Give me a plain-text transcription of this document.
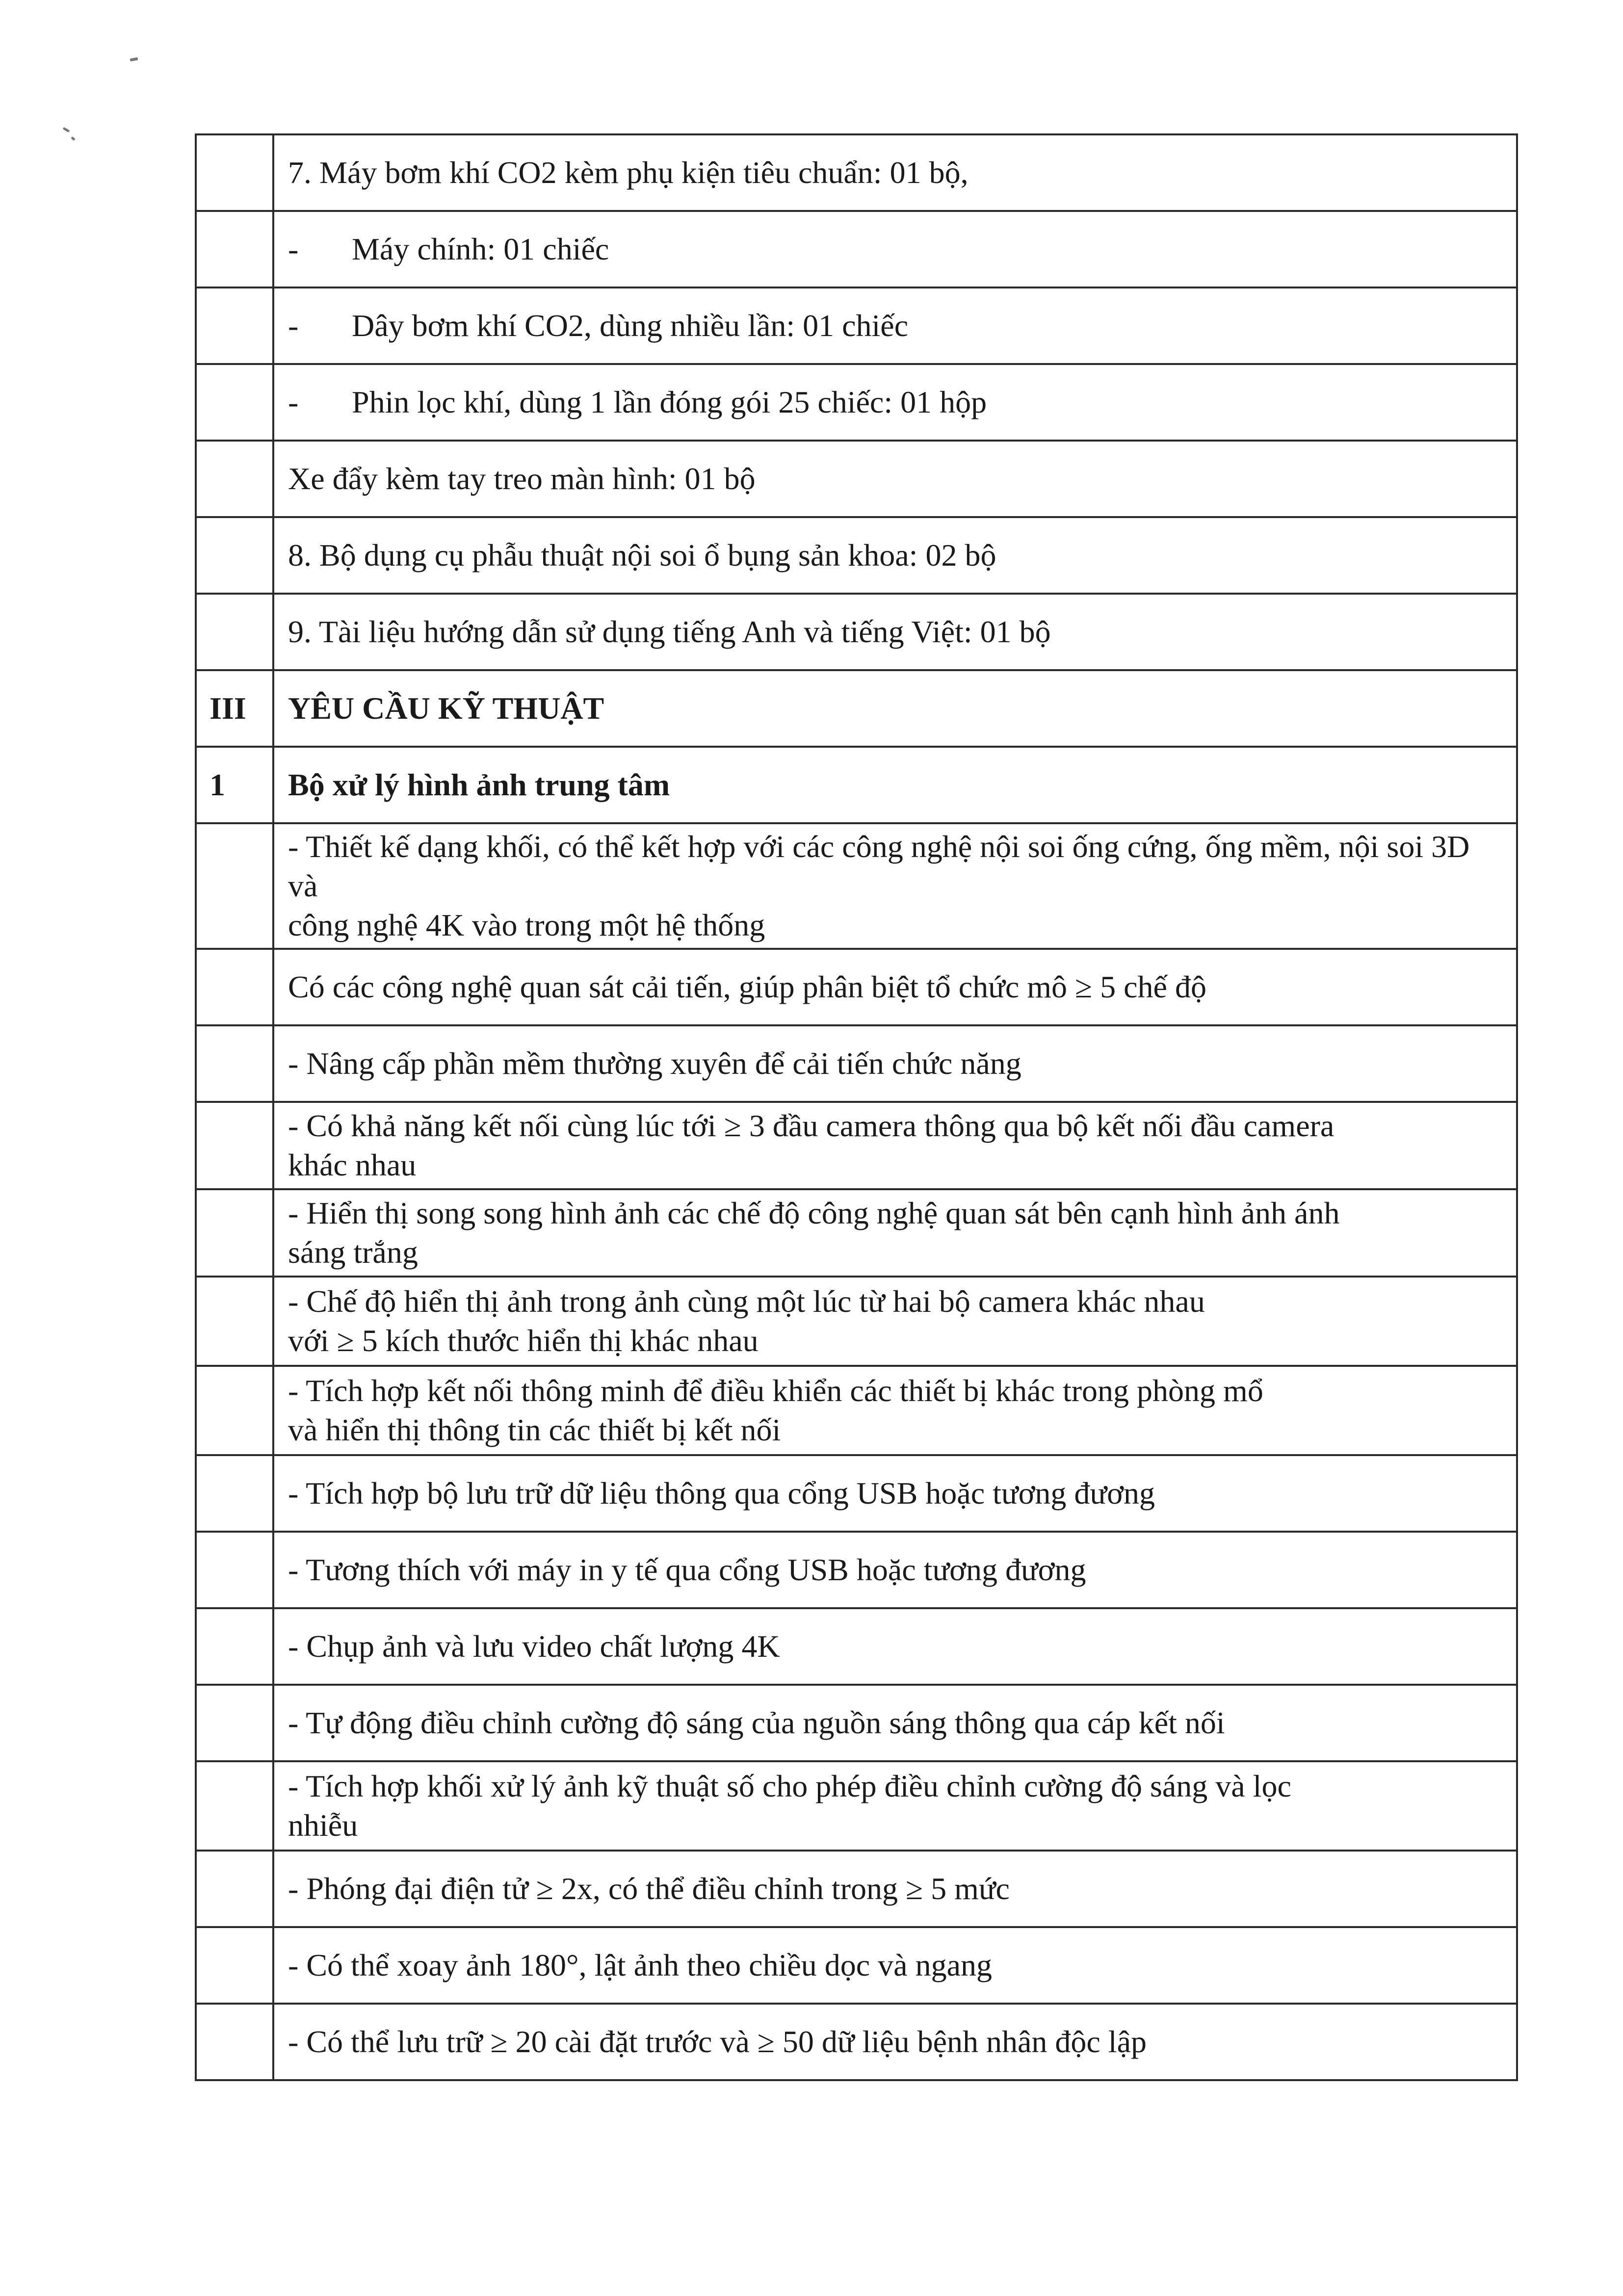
	7. Máy bơm khí CO2 kèm phụ kiện tiêu chuẩn: 01 bộ,
	- Máy chính: 01 chiếc
	- Dây bơm khí CO2, dùng nhiều lần: 01 chiếc
	- Phin lọc khí, dùng 1 lần đóng gói 25 chiếc: 01 hộp
	Xe đẩy kèm tay treo màn hình: 01 bộ
	8. Bộ dụng cụ phẫu thuật nội soi ổ bụng sản khoa: 02 bộ
	9. Tài liệu hướng dẫn sử dụng tiếng Anh và tiếng Việt: 01 bộ
III	YÊU CẦU KỸ THUẬT
1	Bộ xử lý hình ảnh trung tâm

	- Thiết kế dạng khối, có thể kết hợp với các công nghệ nội soi ống cứng, ống mềm, nội soi 3D và
công nghệ 4K vào trong một hệ thống

	Có các công nghệ quan sát cải tiến, giúp phân biệt tổ chức mô ≥ 5 chế độ
	- Nâng cấp phần mềm thường xuyên để cải tiến chức năng

	- Có khả năng kết nối cùng lúc tới ≥ 3 đầu camera thông qua bộ kết nối đầu camera
khác nhau

	- Hiển thị song song hình ảnh các chế độ công nghệ quan sát bên cạnh hình ảnh ánh
sáng trắng

	- Chế độ hiển thị ảnh trong ảnh cùng một lúc từ hai bộ camera khác nhau
với ≥ 5 kích thước hiển thị khác nhau

	- Tích hợp kết nối thông minh để điều khiển các thiết bị khác trong phòng mổ
và hiển thị thông tin các thiết bị kết nối

	- Tích hợp bộ lưu trữ dữ liệu thông qua cổng USB hoặc tương đương
	- Tương thích với máy in y tế qua cổng USB hoặc tương đương
	- Chụp ảnh và lưu video chất lượng 4K
	- Tự động điều chỉnh cường độ sáng của nguồn sáng thông qua cáp kết nối

	- Tích hợp khối xử lý ảnh kỹ thuật số cho phép điều chỉnh cường độ sáng và lọc
nhiễu

	- Phóng đại điện tử ≥ 2x, có thể điều chỉnh trong ≥ 5 mức
	- Có thể xoay ảnh 180°, lật ảnh theo chiều dọc và ngang
	- Có thể lưu trữ ≥ 20 cài đặt trước và ≥ 50 dữ liệu bệnh nhân độc lập
